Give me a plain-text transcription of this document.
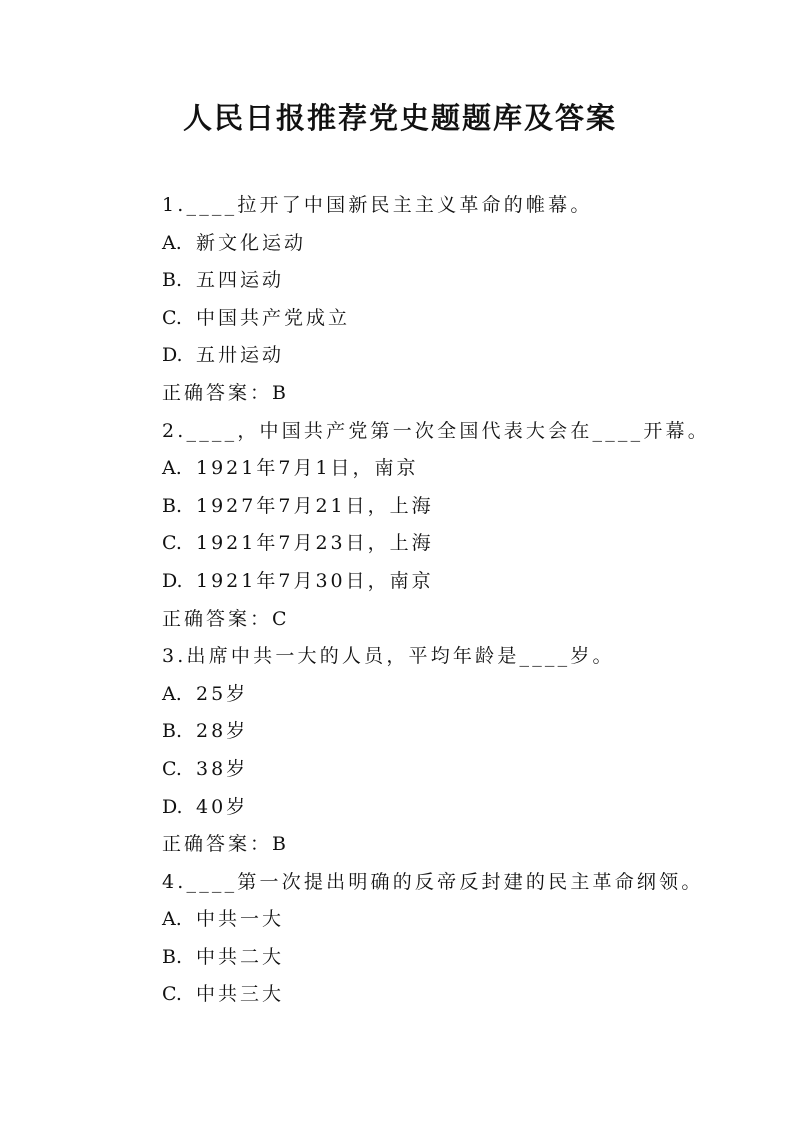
人民日报推荐党史题题库及答案
1.____拉开了中国新民主主义革命的帷幕。
A. 新文化运动
B. 五四运动
C. 中国共产党成立
D. 五卅运动
正确答案：B
2.____，中国共产党第一次全国代表大会在____开幕。
A. 1921年7月1日，南京
B. 1927年7月21日，上海
C. 1921年7月23日，上海
D. 1921年7月30日，南京
正确答案：C
3.出席中共一大的人员，平均年龄是____岁。
A. 25岁
B. 28岁
C. 38岁
D. 40岁
正确答案：B
4.____第一次提出明确的反帝反封建的民主革命纲领。
A. 中共一大
B. 中共二大
C. 中共三大
